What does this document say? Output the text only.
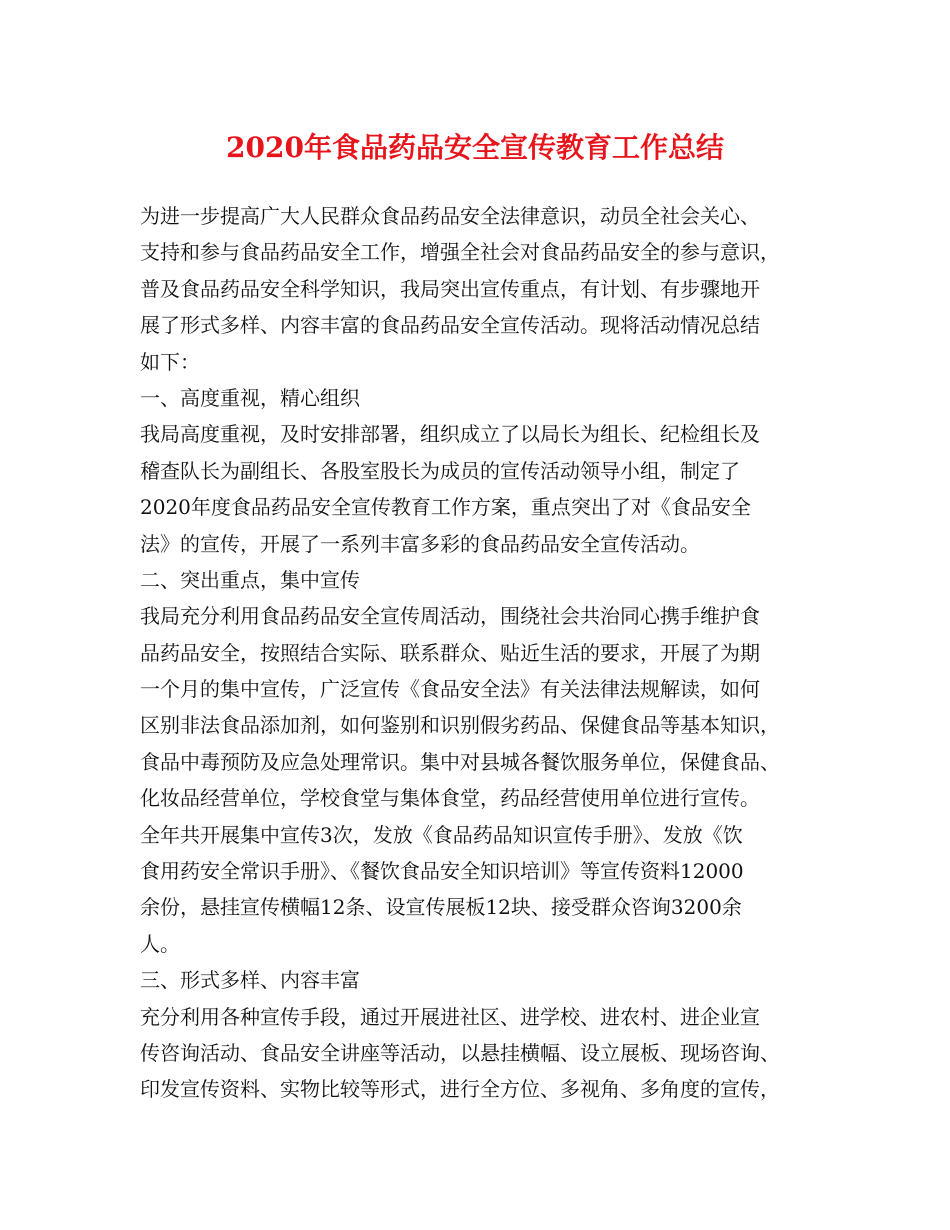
2020年食品药品安全宣传教育工作总结
为进一步提高广大人民群众食品药品安全法律意识，动员全社会关心、
支持和参与食品药品安全工作，增强全社会对食品药品安全的参与意识，
普及食品药品安全科学知识，我局突出宣传重点，有计划、有步骤地开
展了形式多样、内容丰富的食品药品安全宣传活动。现将活动情况总结
如下：
一、高度重视，精心组织
我局高度重视，及时安排部署，组织成立了以局长为组长、纪检组长及
稽查队长为副组长、各股室股长为成员的宣传活动领导小组，制定了
2020年度食品药品安全宣传教育工作方案，重点突出了对《食品安全
法》的宣传，开展了一系列丰富多彩的食品药品安全宣传活动。
二、突出重点，集中宣传
我局充分利用食品药品安全宣传周活动，围绕社会共治同心携手维护食
品药品安全，按照结合实际、联系群众、贴近生活的要求，开展了为期
一个月的集中宣传，广泛宣传《食品安全法》有关法律法规解读，如何
区别非法食品添加剂，如何鉴别和识别假劣药品、保健食品等基本知识，
食品中毒预防及应急处理常识。集中对县城各餐饮服务单位，保健食品、
化妆品经营单位，学校食堂与集体食堂，药品经营使用单位进行宣传。
全年共开展集中宣传3次，发放《食品药品知识宣传手册》、发放《饮
食用药安全常识手册》、《餐饮食品安全知识培训》等宣传资料12000
余份，悬挂宣传横幅12条、设宣传展板12块、接受群众咨询3200余
人。
三、形式多样、内容丰富
充分利用各种宣传手段，通过开展进社区、进学校、进农村、进企业宣
传咨询活动、食品安全讲座等活动，以悬挂横幅、设立展板、现场咨询、
印发宣传资料、实物比较等形式，进行全方位、多视角、多角度的宣传，
